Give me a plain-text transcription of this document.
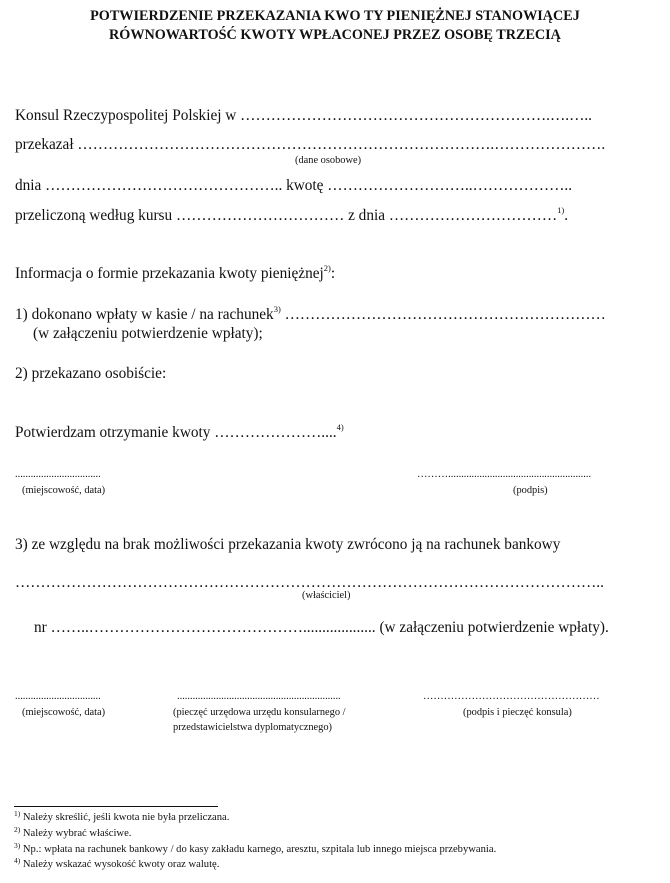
POTWIERDZENIE PRZEKAZANIA KWO TY PIENIĘŻNEJ STANOWIĄCEJ
RÓWNOWARTOŚĆ KWOTY WPŁACONEJ PRZEZ OSOBĘ TRZECIĄ
Konsul Rzeczypospolitej Polskiej w …………………………………………………….….…..
przekazał ……………………………………………………………………….………………….
(dane osobowe)
dnia ……………………………………….. kwotę ………………………..………………..
przeliczoną według kursu …………………………… z dnia ……………………………$^{1)}$.
Informacja o formie przekazania kwoty pieniężnej$^{2)}$:
1) dokonano wpłaty w kasie / na rachunek$^{3)}$ ………………………………………………………
(w załączeniu potwierdzenie wpłaty);
2) przekazano osobiście:
Potwierdzam otrzymanie kwoty …………………....$^{4)}$
.................................
(miejscowość, data)
……….......................................................
(podpis)
3) ze względu na brak możliwości przekazania kwoty zwrócono ją na rachunek bankowy
……………………………………………………………………………………………………..
(właściciel)
nr ……..……………………………………................... (w załączeniu potwierdzenie wpłaty).
.................................
(miejscowość, data)
...............................................................
(pieczęć urzędowa urzędu konsularnego /
przedstawicielstwa dyplomatycznego)
……………………………………………
(podpis i pieczęć konsula)
$^{1)}$ Należy skreślić, jeśli kwota nie była przeliczana.
$^{2)}$ Należy wybrać właściwe.
$^{3)}$ Np.: wpłata na rachunek bankowy / do kasy zakładu karnego, aresztu, szpitala lub innego miejsca przebywania.
$^{4)}$ Należy wskazać wysokość kwoty oraz walutę.
